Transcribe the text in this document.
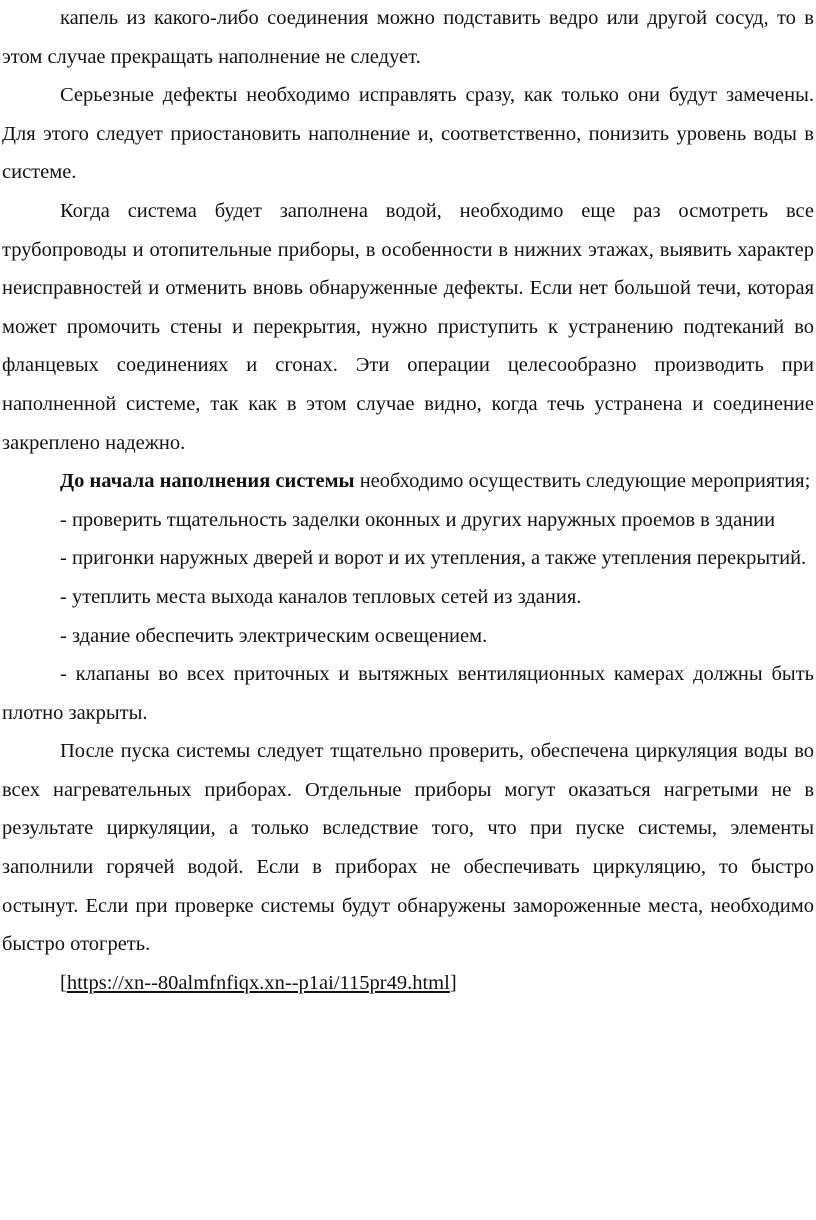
капель из какого-либо соединения можно подставить ведро или другой сосуд, то в этом случае прекращать наполнение не следует.

Серьезные дефекты необходимо исправлять сразу, как только они будут замечены. Для этого следует приостановить наполнение и, соответственно, понизить уровень воды в системе.

Когда система будет заполнена водой, необходимо еще раз осмотреть все трубопроводы и отопительные приборы, в особенности в нижних этажах, выявить характер неисправностей и отменить вновь обнаруженные дефекты. Если нет большой течи, которая может промочить стены и перекрытия, нужно приступить к устранению подтеканий во фланцевых соединениях и сгонах. Эти операции целесообразно производить при наполненной системе, так как в этом случае видно, когда течь устранена и соединение закреплено надежно.

До начала наполнения системы необходимо осуществить следующие мероприятия;

- проверить тщательность заделки оконных и других наружных проемов в здании

- пригонки наружных дверей и ворот и их утепления, а также утепления перекрытий.

- утеплить места выхода каналов тепловых сетей из здания.

- здание обеспечить электрическим освещением.

- клапаны во всех приточных и вытяжных вентиляционных камерах должны быть плотно закрыты.

После пуска системы следует тщательно проверить, обеспечена циркуляция воды во всех нагревательных приборах. Отдельные приборы могут оказаться нагретыми не в результате циркуляции, а только вследствие того, что при пуске системы, элементы заполнили горячей водой. Если в приборах не обеспечивать циркуляцию, то быстро остынут. Если при проверке системы будут обнаружены замороженные места, необходимо быстро отогреть.

[https://xn--80almfnfiqx.xn--p1ai/115pr49.html]
